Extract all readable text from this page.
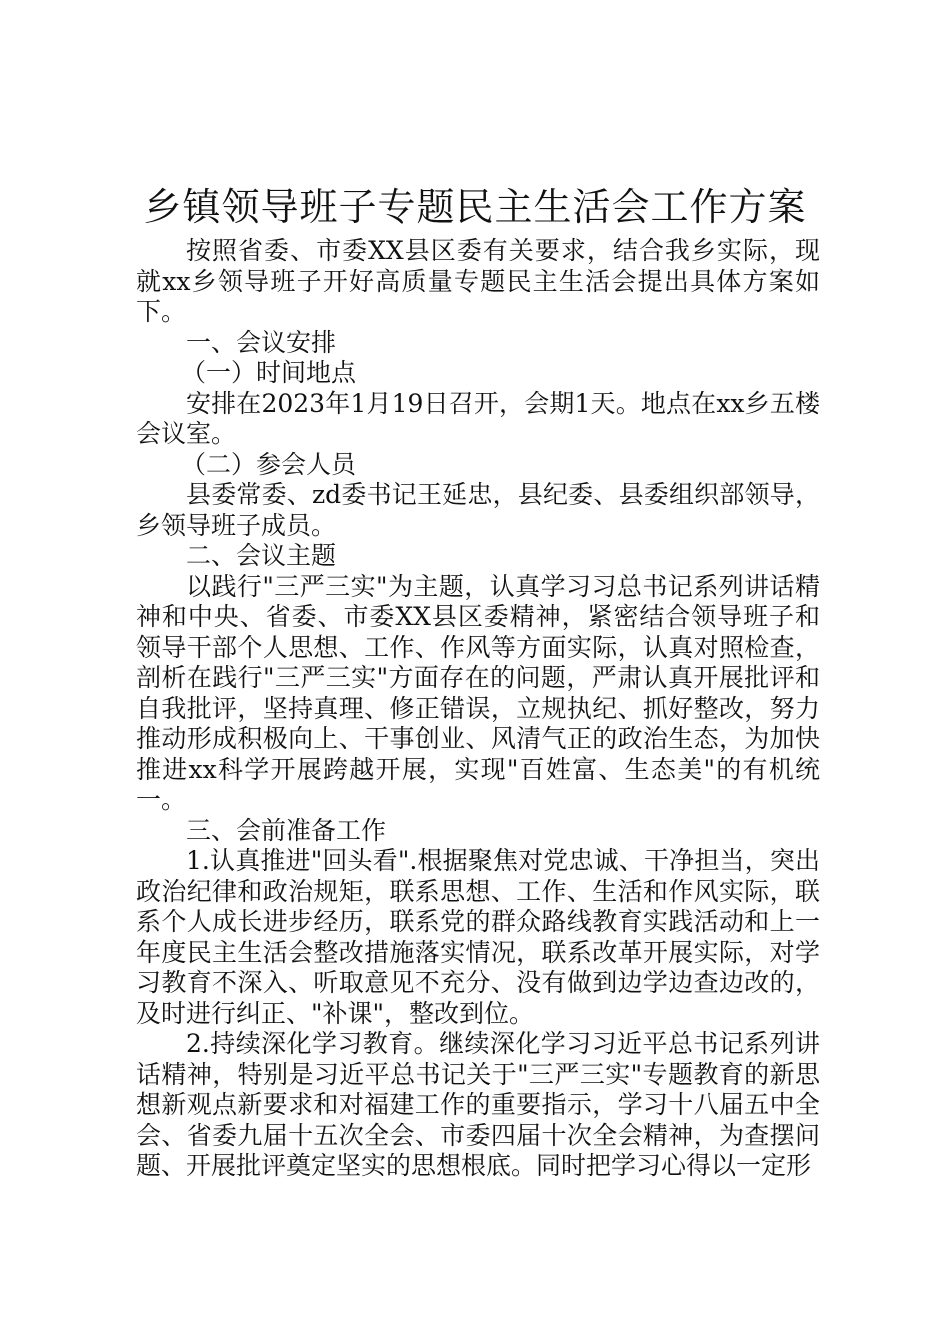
乡镇领导班子专题民主生活会工作方案

按照省委、市委XX县区委有关要求，结合我乡实际，现就xx乡领导班子开好高质量专题民主生活会提出具体方案如下。

一、会议安排

（一）时间地点

安排在2023年1月19日召开，会期1天。地点在xx乡五楼会议室。

（二）参会人员

县委常委、zd委书记王延忠，县纪委、县委组织部领导，乡领导班子成员。

二、会议主题

以践行"三严三实"为主题，认真学习习总书记系列讲话精神和中央、省委、市委XX县区委精神，紧密结合领导班子和领导干部个人思想、工作、作风等方面实际，认真对照检查，剖析在践行"三严三实"方面存在的问题，严肃认真开展批评和自我批评，坚持真理、修正错误，立规执纪、抓好整改，努力推动形成积极向上、干事创业、风清气正的政治生态，为加快推进xx科学开展跨越开展，实现"百姓富、生态美"的有机统一。

三、会前准备工作

1.认真推进"回头看".根据聚焦对党忠诚、干净担当，突出政治纪律和政治规矩，联系思想、工作、生活和作风实际，联系个人成长进步经历，联系党的群众路线教育实践活动和上一年度民主生活会整改措施落实情况，联系改革开展实际，对学习教育不深入、听取意见不充分、没有做到边学边查边改的，及时进行纠正、"补课"，整改到位。

2.持续深化学习教育。继续深化学习习近平总书记系列讲话精神，特别是习近平总书记关于"三严三实"专题教育的新思想新观点新要求和对福建工作的重要指示，学习十八届五中全会、省委九届十五次全会、市委四届十次全会精神，为查摆问题、开展批评奠定坚实的思想根底。同时把学习心得以一定形
